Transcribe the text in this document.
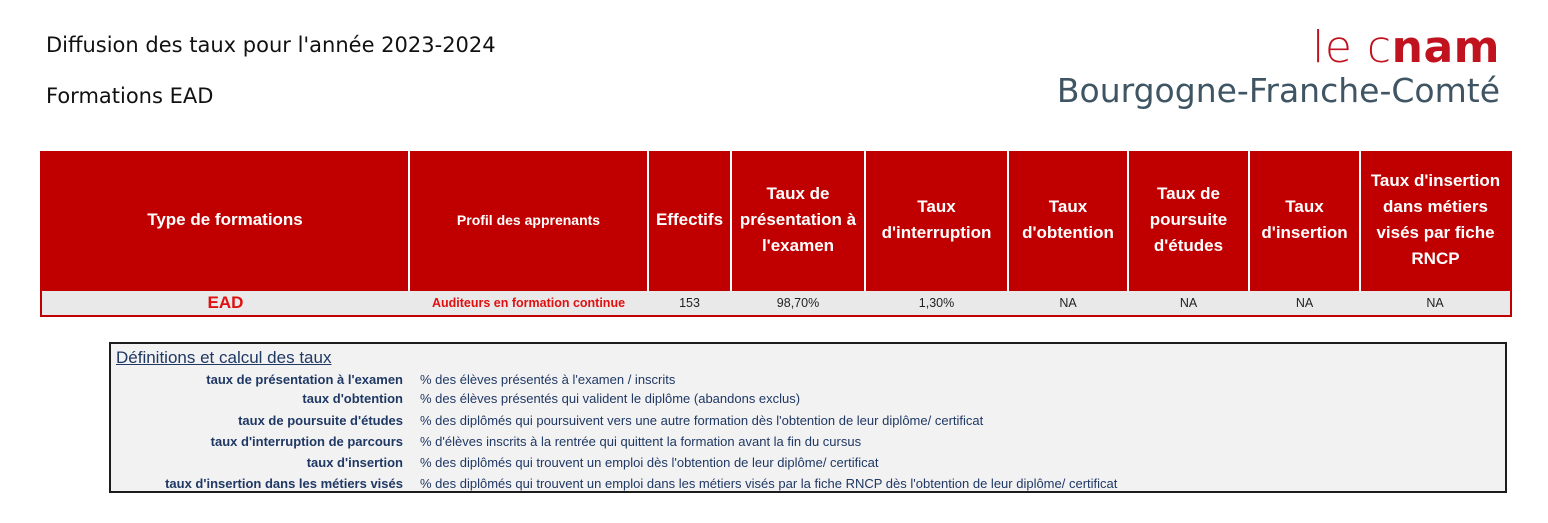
Diffusion des taux pour l'année 2023-2024
Formations EAD
le cnam
Bourgogne-Franche-Comté
Type de formations	Profil des apprenants	Effectifs	Taux de présentation à l'examen	Taux d'interruption	Taux d'obtention	Taux de poursuite d'études	Taux d'insertion	Taux d'insertion dans métiers visés par fiche RNCP
EAD	Auditeurs en formation continue	153	98,70%	1,30%	NA	NA	NA	NA
Définitions et calcul des taux
taux de présentation à l'examen % des élèves présentés à l'examen / inscrits
taux d'obtention % des élèves présentés qui valident le diplôme (abandons exclus)
taux de poursuite d'études % des diplômés qui poursuivent vers une autre formation dès l'obtention de leur diplôme/ certificat
taux d'interruption de parcours % d'élèves inscrits à la rentrée qui quittent la formation avant la fin du cursus
taux d'insertion % des diplômés qui trouvent un emploi dès l'obtention de leur diplôme/ certificat
taux d'insertion dans les métiers visés % des diplômés qui trouvent un emploi dans les métiers visés par la fiche RNCP dès l'obtention de leur diplôme/ certificat
